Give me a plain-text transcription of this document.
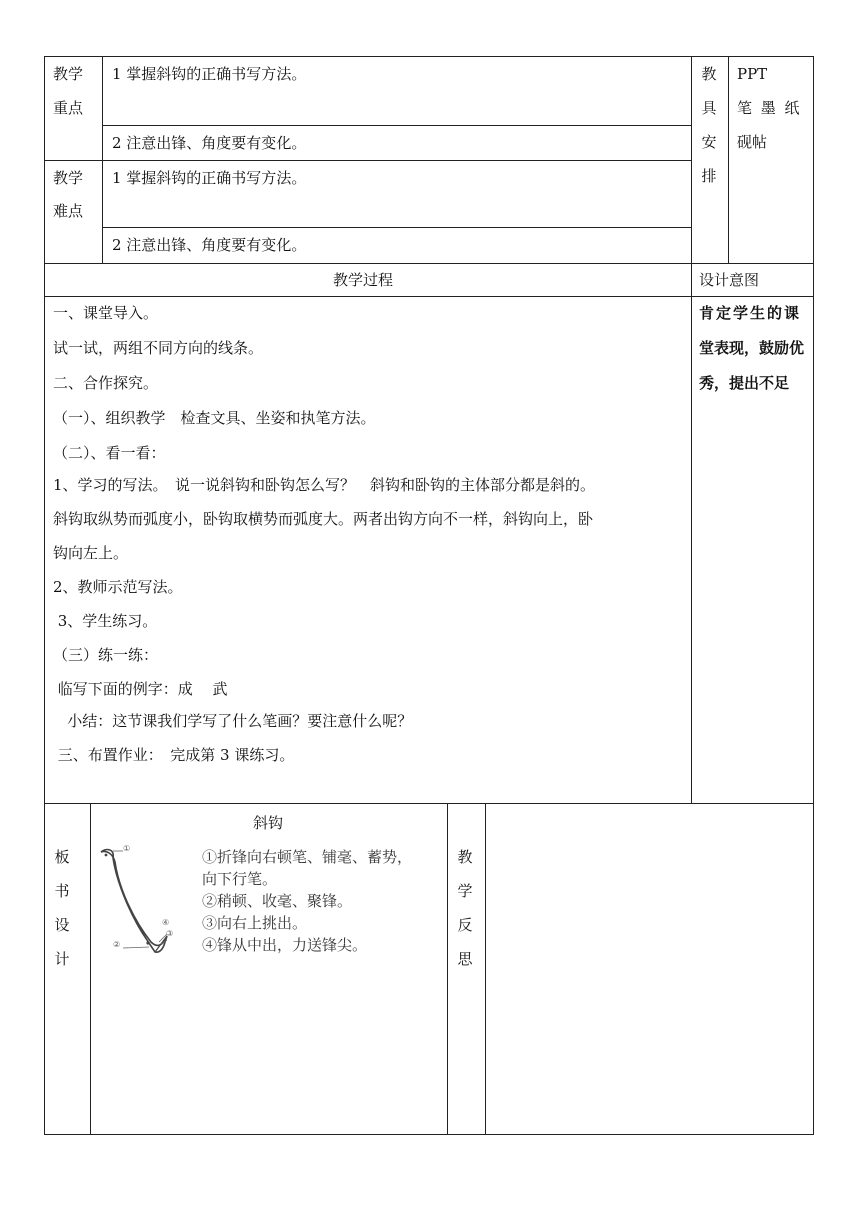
教学
重点
1 掌握斜钩的正确书写方法。
2 注意出锋、角度要有变化。
教学
难点
1 掌握斜钩的正确书写方法。
2 注意出锋、角度要有变化。
教
具
安
排
PPT
笔 墨 纸
砚帖
教学过程	设计意图
一、课堂导入。
试一试，两组不同方向的线条。
二、合作探究。
（一）、组织教学　检查文具、坐姿和执笔方法。
（二）、看一看：
1、学习的写法。　说一说斜钩和卧钩怎么写？　斜钩和卧钩的主体部分都是斜的。
斜钩取纵势而弧度小，卧钩取横势而弧度大。两者出钩方向不一样，斜钩向上，卧
钩向左上。
2、教师示范写法。
3、学生练习。
（三）练一练：
临写下面的例字：成　 武
小结：这节课我们学写了什么笔画？要注意什么呢？
三、布置作业：　完成第 3 课练习。
肯定学生的课
堂表现，鼓励优
秀，提出不足
板
书
设
计
斜钩
①
②
③
④
①折锋向右顿笔、铺毫、蓄势，
向下行笔。
②稍顿、收毫、聚锋。
③向右上挑出。
④锋从中出，力送锋尖。
教
学
反
思
